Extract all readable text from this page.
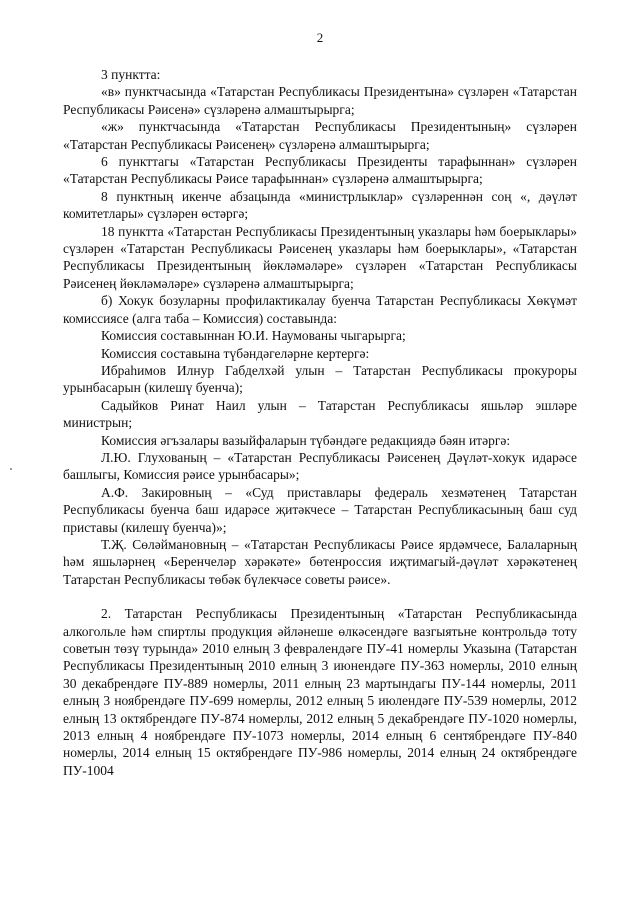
2

3 пунктта:

«в» пунктчасында «Татарстан Республикасы Президентына» сүзләрен «Татарстан Республикасы Рәисенә» сүзләренә алмаштырырга;

«ж» пунктчасында «Татарстан Республикасы Президентының» сүзләрен «Татарстан Республикасы Рәисенең» сүзләренә алмаштырырга;

6 пункттагы «Татарстан Республикасы Президенты тарафыннан» сүзләрен «Татарстан Республикасы Рәисе тарафыннан» сүзләренә алмаштырырга;

8 пунктның икенче абзацында «министрлыклар» сүзләреннән соң «, дәүләт комитетлары» сүзләрен өстәргә;

18 пунктта «Татарстан Республикасы Президентының указлары һәм боерыклары» сүзләрен «Татарстан Республикасы Рәисенең указлары һәм боерыклары», «Татарстан Республикасы Президентының йөкләмәләре» сүзләрен «Татарстан Республикасы Рәисенең йөкләмәләре» сүзләренә алмаштырырга;

б) Хокук бозуларны профилактикалау буенча Татарстан Республикасы Хөкүмәт комиссиясе (алга таба – Комиссия) составында:

Комиссия составыннан Ю.И. Наумованы чыгарырга;

Комиссия составына түбәндәгеләрне кертергә:

Ибраһимов Илнур Габделхәй улын – Татарстан Республикасы прокуроры урынбасарын (килешү буенча);

Садыйков Ринат Наил улын – Татарстан Республикасы яшьләр эшләре министрын;

Комиссия әгъзалары вазыйфаларын түбәндәге редакциядә бәян итәргә:

Л.Ю. Глухованың – «Татарстан Республикасы Рәисенең Дәүләт-хокук идарәсе башлыгы, Комиссия рәисе урынбасары»;

А.Ф. Закировның – «Суд приставлары федераль хезмәтенең Татарстан Республикасы буенча баш идарәсе җитәкчесе – Татарстан Республикасының баш суд приставы (килешү буенча)»;

Т.Җ. Сөләймановның – «Татарстан Республикасы Рәисе ярдәмчесе, Балаларның һәм яшьләрнең «Беренчеләр хәрәкәте» бөтенроссия иҗтимагый-дәүләт хәрәкәтенең Татарстан Республикасы төбәк бүлекчәсе советы рәисе».

2. Татарстан Республикасы Президентының «Татарстан Республикасында алкогольле һәм спиртлы продукция әйләнеше өлкәсендәге вазгыятьне контрольдә тоту советын төзү турында» 2010 елның 3 февралендәге ПУ-41 номерлы Указына (Татарстан Республикасы Президентының 2010 елның 3 июнендәге ПУ-363 номерлы, 2010 елның 30 декабрендәге ПУ-889 номерлы, 2011 елның 23 мартындагы ПУ-144 номерлы, 2011 елның 3 ноябрендәге ПУ-699 номерлы, 2012 елның 5 июлендәге ПУ-539 номерлы, 2012 елның 13 октябрендәге ПУ-874 номерлы, 2012 елның 5 декабрендәге ПУ-1020 номерлы, 2013 елның 4 ноябрендәге ПУ-1073 номерлы, 2014 елның 6 сентябрендәге ПУ-840 номерлы, 2014 елның 15 октябрендәге ПУ-986 номерлы, 2014 елның 24 октябрендәге ПУ-1004
